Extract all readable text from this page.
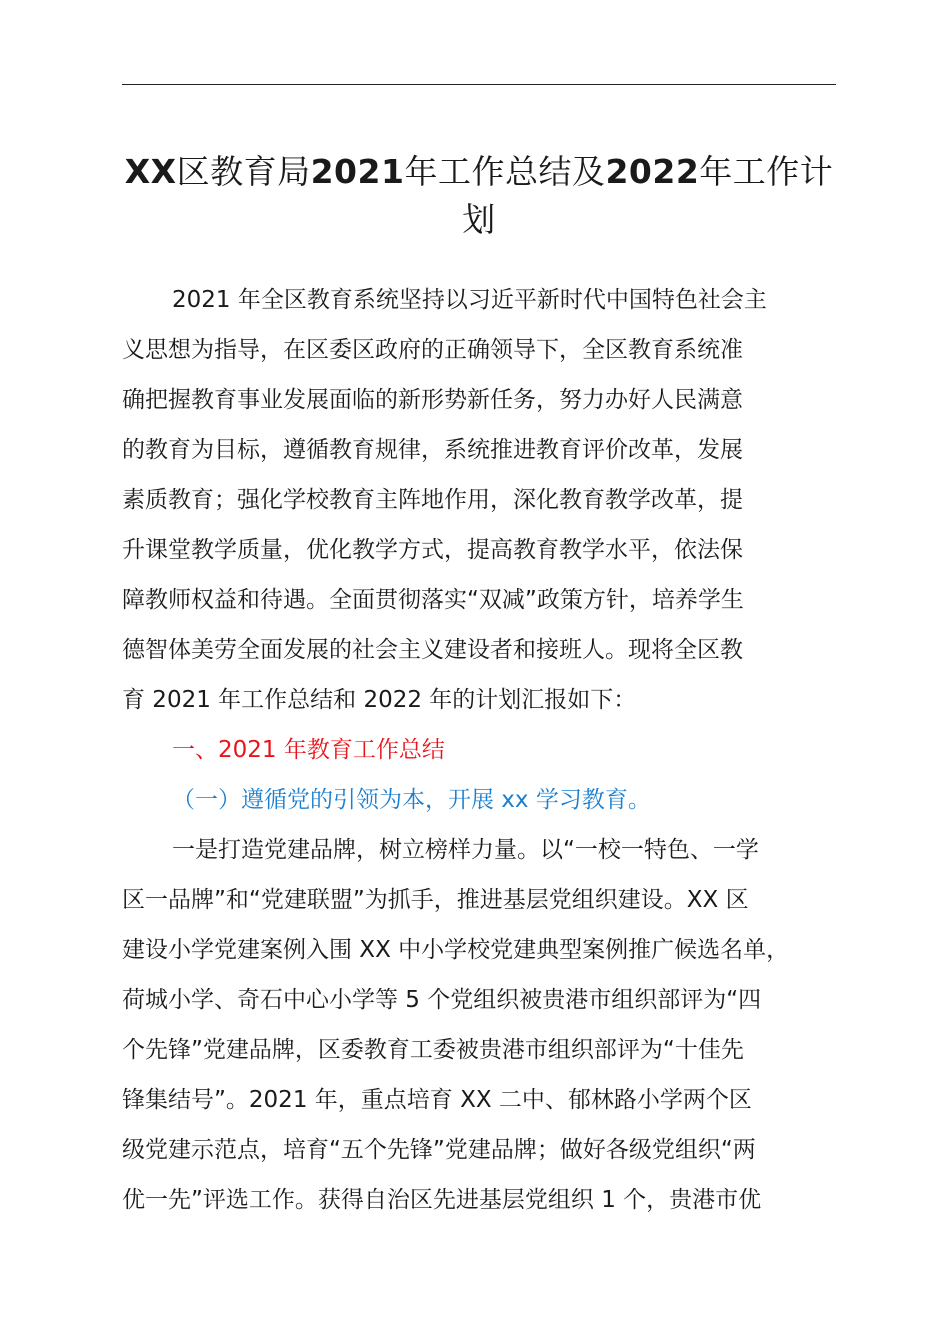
XX区教育局2021年工作总结及2022年工作计划
2021 年全区教育系统坚持以习近平新时代中国特色社会主
义思想为指导，在区委区政府的正确领导下，全区教育系统准
确把握教育事业发展面临的新形势新任务，努力办好人民满意
的教育为目标，遵循教育规律，系统推进教育评价改革，发展
素质教育；强化学校教育主阵地作用，深化教育教学改革，提
升课堂教学质量，优化教学方式，提高教育教学水平，依法保
障教师权益和待遇。全面贯彻落实“双减”政策方针，培养学生
德智体美劳全面发展的社会主义建设者和接班人。现将全区教
育 2021 年工作总结和 2022 年的计划汇报如下：
一、2021 年教育工作总结
（一）遵循党的引领为本，开展 xx 学习教育。
一是打造党建品牌，树立榜样力量。以“一校一特色、一学
区一品牌”和“党建联盟”为抓手，推进基层党组织建设。XX 区
建设小学党建案例入围 XX 中小学校党建典型案例推广候选名单，
荷城小学、奇石中心小学等 5 个党组织被贵港市组织部评为“四
个先锋”党建品牌，区委教育工委被贵港市组织部评为“十佳先
锋集结号”。2021 年，重点培育 XX 二中、郁林路小学两个区
级党建示范点，培育“五个先锋”党建品牌；做好各级党组织“两
优一先”评选工作。获得自治区先进基层党组织 1 个，贵港市优
